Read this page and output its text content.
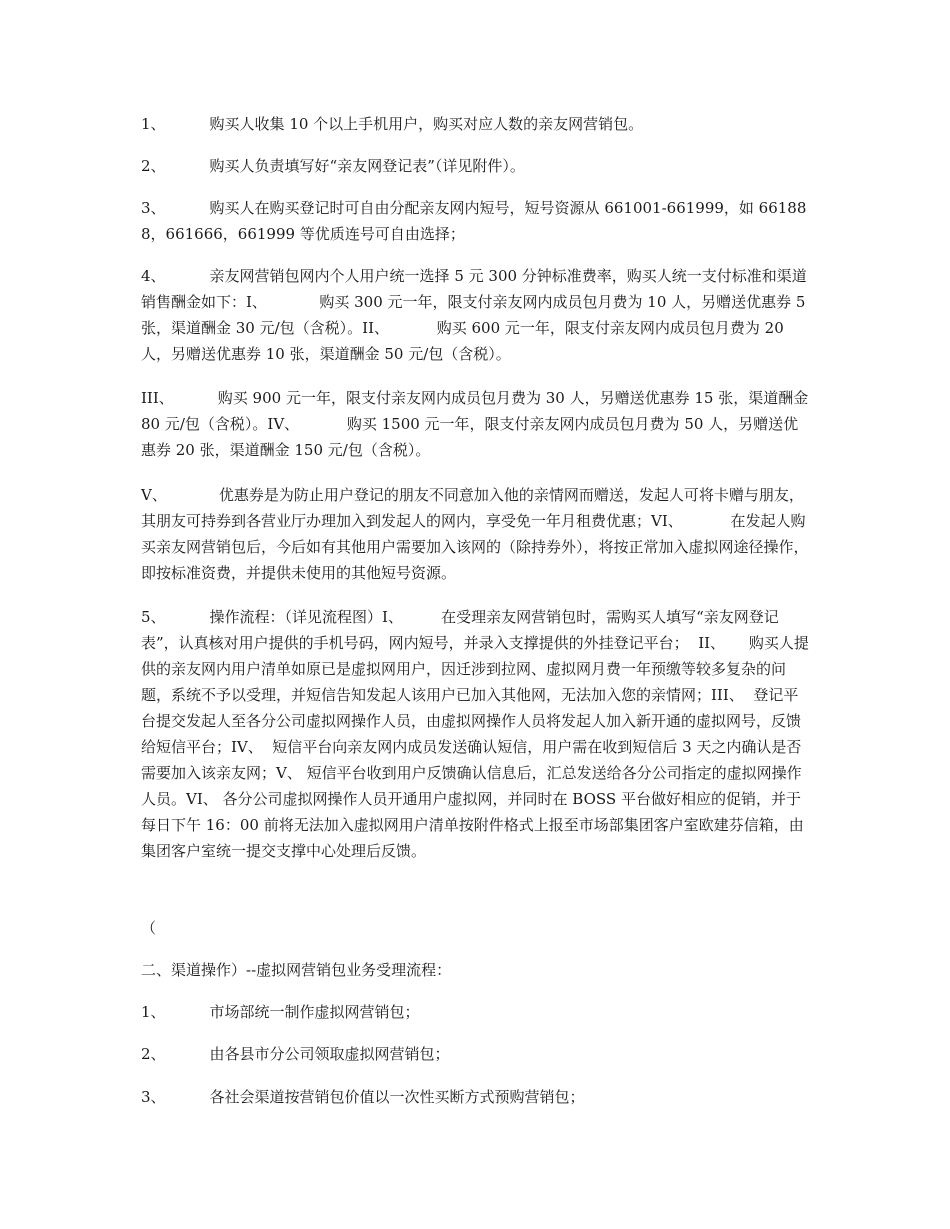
1、	购买人收集 10 个以上手机用户，购买对应人数的亲友网营销包。

2、	购买人负责填写好“亲友网登记表”（详见附件）。

3、	购买人在购买登记时可自由分配亲友网内短号，短号资源从 661001-661999，如 661888，661666，661999 等优质连号可自由选择；

4、	亲友网营销包网内个人用户统一选择 5 元 300 分钟标准费率，购买人统一支付标准和渠道销售酬金如下：I、           购买 300 元一年，限支付亲友网内成员包月费为 10 人，另赠送优惠券 5 张，渠道酬金 30 元/包（含税）。II、          购买 600 元一年，限支付亲友网内成员包月费为 20 人，另赠送优惠券 10 张，渠道酬金 50 元/包（含税）。

III、	购买 900 元一年，限支付亲友网内成员包月费为 30 人，另赠送优惠券 15 张，渠道酬金 80 元/包（含税）。IV、          购买 1500 元一年，限支付亲友网内成员包月费为 50 人，另赠送优惠券 20 张，渠道酬金 150 元/包（含税）。

V、	优惠券是为防止用户登记的朋友不同意加入他的亲情网而赠送，发起人可将卡赠与朋友，其朋友可持券到各营业厅办理加入到发起人的网内，享受免一年月租费优惠；VI、          在发起人购买亲友网营销包后，今后如有其他用户需要加入该网的（除持券外），将按正常加入虚拟网途径操作，即按标准资费，并提供未使用的其他短号资源。

5、	操作流程：（详见流程图）I、        在受理亲友网营销包时，需购买人填写“亲友网登记表”，认真核对用户提供的手机号码，网内短号，并录入支撑提供的外挂登记平台；  II、     购买人提供的亲友网内用户清单如原已是虚拟网用户，因迁涉到拉网、虚拟网月费一年预缴等较多复杂的问题，系统不予以受理，并短信告知发起人该用户已加入其他网，无法加入您的亲情网；III、  登记平台提交发起人至各分公司虚拟网操作人员，由虚拟网操作人员将发起人加入新开通的虚拟网号，反馈给短信平台；IV、  短信平台向亲友网内成员发送确认短信，用户需在收到短信后 3 天之内确认是否需要加入该亲友网；V、 短信平台收到用户反馈确认信息后，汇总发送给各分公司指定的虚拟网操作人员。VI、 各分公司虚拟网操作人员开通用户虚拟网，并同时在 BOSS 平台做好相应的促销，并于每日下午 16：00 前将无法加入虚拟网用户清单按附件格式上报至市场部集团客户室欧建芬信箱，由集团客户室统一提交支撑中心处理后反馈。

（

二、渠道操作）--虚拟网营销包业务受理流程：

1、	市场部统一制作虚拟网营销包；

2、	由各县市分公司领取虚拟网营销包；

3、	各社会渠道按营销包价值以一次性买断方式预购营销包；
